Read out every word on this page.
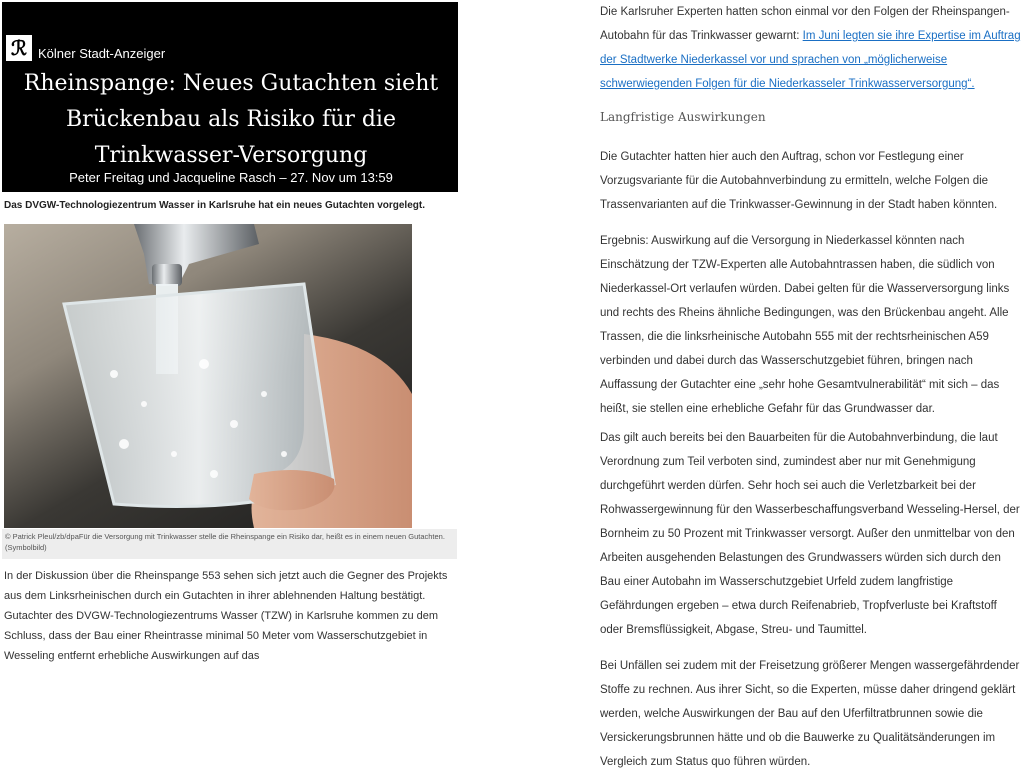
ℛ Kölner Stadt-Anzeiger
Rheinspange: Neues Gutachten sieht Brückenbau als Risiko für die Trinkwasser-Versorgung
Peter Freitag und Jacqueline Rasch – 27. Nov um 13:59
Das DVGW-Technologiezentrum Wasser in Karlsruhe hat ein neues Gutachten vorgelegt.
© Patrick Pleul/zb/dpaFür die Versorgung mit Trinkwasser stelle die Rheinspange ein Risiko dar, heißt es in einem neuen Gutachten. (Symbolbild)
In der Diskussion über die Rheinspange 553 sehen sich jetzt auch die Gegner des Projekts aus dem Linksrheinischen durch ein Gutachten in ihrer ablehnenden Haltung bestätigt. Gutachter des DVGW-Technologiezentrums Wasser (TZW) in Karlsruhe kommen zu dem Schluss, dass der Bau einer Rheintrasse minimal 50 Meter vom Wasserschutzgebiet in Wesseling entfernt erhebliche Auswirkungen auf das

Die Karlsruher Experten hatten schon einmal vor den Folgen der Rheinspangen-Autobahn für das Trinkwasser gewarnt: Im Juni legten sie ihre Expertise im Auftrag der Stadtwerke Niederkassel vor und sprachen von „möglicherweise schwerwiegenden Folgen für die Niederkasseler Trinkwasserversorgung“.

Langfristige Auswirkungen

Die Gutachter hatten hier auch den Auftrag, schon vor Festlegung einer Vorzugsvariante für die Autobahnverbindung zu ermitteln, welche Folgen die Trassenvarianten auf die Trinkwasser-Gewinnung in der Stadt haben könnten.

Ergebnis: Auswirkung auf die Versorgung in Niederkassel könnten nach Einschätzung der TZW-Experten alle Autobahntrassen haben, die südlich von Niederkassel-Ort verlaufen würden. Dabei gelten für die Wasserversorgung links und rechts des Rheins ähnliche Bedingungen, was den Brückenbau angeht. Alle Trassen, die die linksrheinische Autobahn 555 mit der rechtsrheinischen A59 verbinden und dabei durch das Wasserschutzgebiet führen, bringen nach Auffassung der Gutachter eine „sehr hohe Gesamtvulnerabilität“ mit sich – das heißt, sie stellen eine erhebliche Gefahr für das Grundwasser dar.

Das gilt auch bereits bei den Bauarbeiten für die Autobahnverbindung, die laut Verordnung zum Teil verboten sind, zumindest aber nur mit Genehmigung durchgeführt werden dürfen. Sehr hoch sei auch die Verletzbarkeit bei der Rohwassergewinnung für den Wasserbeschaffungsverband Wesseling-Hersel, der Bornheim zu 50 Prozent mit Trinkwasser versorgt. Außer den unmittelbar von den Arbeiten ausgehenden Belastungen des Grundwassers würden sich durch den Bau einer Autobahn im Wasserschutzgebiet Urfeld zudem langfristige Gefährdungen ergeben – etwa durch Reifenabrieb, Tropfverluste bei Kraftstoff oder Bremsflüssigkeit, Abgase, Streu- und Taumittel.

Bei Unfällen sei zudem mit der Freisetzung größerer Mengen wassergefährdender Stoffe zu rechnen. Aus ihrer Sicht, so die Experten, müsse daher dringend geklärt werden, welche Auswirkungen der Bau auf den Uferfiltratbrunnen sowie die Versickerungsbrunnen hätte und ob die Bauwerke zu Qualitätsänderungen im Vergleich zum Status quo führen würden.
